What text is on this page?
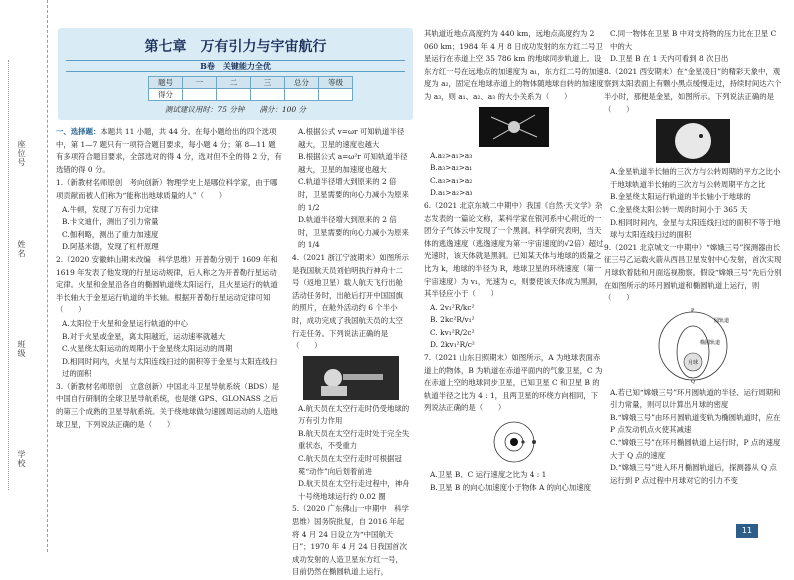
学校
班级
姓名
座位号
第七章　万有引力与宇宙航行
B卷　关键能力全优
题号	一	二	三	总分	等级
得分					
测试建议用时：75 分钟　　满分：100 分

一、选择题：本题共 11 小题，共 44 分。在每小题给出的四个选项中，第 1—7 题只有一项符合题目要求，每小题 4 分；第 8—11 题有多项符合题目要求，全部选对的得 4 分，选对但不全的得 2 分，有选错的得 0 分。

1.（新教材名师原创　考向创新）物理学史上是哪位科学家，由于哪项贡献而被人们称为“能称出地球质量的人”（　　）

A.牛顿，发现了万有引力定律
B.卡文迪什，测出了引力常量
C.伽利略，测出了重力加速度
D.阿基米德，发现了杠杆原理

2.（2020 安徽蚌山期末改编　科学思维）开普勒分别于 1609 年和 1619 年发表了他发现的行星运动规律，后人称之为开普勒行星运动定律。火星和金星沿各自的椭圆轨道绕太阳运行，且火星运行的轨道半长轴大于金星运行轨道的半长轴。根据开普勒行星运动定律可知（　　）

A.太阳位于火星和金星运行轨道的中心
B.对于火星或金星，离太阳越近，运动速率就越大
C.火星绕太阳运动的周期小于金星绕太阳运动的周期
D.相同时间内，火星与太阳连线扫过的面积等于金星与太阳连线扫过的面积

3.（新教材名师原创　立意创新）中国北斗卫星导航系统（BDS）是中国自行研制的全球卫星导航系统，也是继 GPS、GLONASS 之后的第三个成熟的卫星导航系统。关于绕地球做匀速圆周运动的人造地球卫星，下列说法正确的是（　　）

A.根据公式 v=ωr 可知轨道半径越大，卫星的速度也越大
B.根据公式 a=ω²r 可知轨道半径越大，卫星的加速度也越大
C.轨道半径增大到原来的 2 倍时，卫星需要的向心力减小为原来的 1/2
D.轨道半径增大到原来的 2 倍时，卫星需要的向心力减小为原来的 1/4

4.（2021 浙江宁波期末）如图所示是我国航天员刘伯明执行神舟十二号（返地卫星）载人航天飞行出舱活动任务时，出舱后打开中国国旗的照片，在舱外活动约 6 个半小时，成功完成了我国航天员的太空行走任务。下列说法正确的是（　　）

A.航天员在太空行走时仍受地球的万有引力作用
B.航天员在太空行走时处于完全失重状态，不受重力
C.航天员在太空行走时可根据冠冕“动作”向后划着前进
D.航天员在太空行走过程中，神舟十号绕地球运行约 0.02 圈

5.（2020 广东佛山一中期中　科学思维）国务院批复，自 2016 年起将 4 月 24 日设立为“中国航天日”；1970 年 4 月 24 日我国首次成功发射的人造卫星东方红一号，目前仍然在椭圆轨道上运行，

其轨道近地点高度约为 440 km，远地点高度约为 2 060 km；1984 年 4 月 8 日成功发射的东方红二号卫星运行在赤道上空 35 786 km 的地球同步轨道上。设东方红一号在远地点的加速度为 a₁，东方红二号的加速度为 a₂，固定在地球赤道上的物体随地球自转的加速度为 a₃，则 a₁、a₂、a₃ 的大小关系为（　　）

A.a₂>a₁>a₃
B.a₃>a₂>a₁
C.a₃>a₁>a₂
D.a₁>a₂>a₃

6.（2021 北京东城二中期中）我国《自然·天文学》杂志发表的一篇论文称，某科学家在银河系中心附近的一团分子气体云中发现了一个黑洞。科学研究表明，当天体的逃逸速度（逃逸速度为第一宇宙速度的√2倍）超过光速时，该天体就是黑洞。已知某天体与地球的质量之比为 k，地球的半径为 R，地球卫星的环绕速度（第一宇宙速度）为 v₁，光速为 c，则要使该天体成为黑洞，其半径应小于（　　）

A. 2v₁²R/kc²
B. 2kc²R/v₁²
C. kv₁²R/2c²
D. 2kv₁²R/c²

7.（2021 山东日照期末）如图所示，A 为地球表面赤道上的物体，B 为轨道在赤道平面内的气象卫星，C 为在赤道上空的地球同步卫星，已知卫星 C 和卫星 B 的轨道半径之比为 4 : 1，且两卫星的环绕方向相同，下列说法正确的是（　　）

A.卫星 B、C 运行速度之比为 4 : 1
B.卫星 B 的向心加速度小于物体 A 的向心加速度
C.同一物体在卫星 B 中对支持物的压力比在卫星 C 中的大
D.卫星 B 在 1 天内可看到 8 次日出

8.（2021 西安期末）在“金星凌日”的精彩天象中，观察到太阳表面上有颗小黑点缓慢走过，持续时间达六个半小时，那便是金星，如图所示。下列说法正确的是（　　）

A.金星轨道半长轴的三次方与公转周期的平方之比小于地球轨道半长轴的三次方与公转周期平方之比
B.金星绕太阳运行轨道的半长轴小于地球的
C.金星绕太阳公转一周的时间小于 365 天
D.相同时间内，金星与太阳连线扫过的面积不等于地球与太阳连线扫过的面积

9.（2021 北京城文一中期中）“嫦娥三号”探测器由长征三号乙运载火箭从西昌卫星发射中心发射，首次实现月球软着陆和月面巡视勘察。假设“嫦娥三号”先后分别在如图所示的环月圆轨道和椭圆轨道上运行，则（　　）

月球
圆轨道
椭圆轨道
P
Q
A.若已知“嫦娥三号”环月圆轨道的半径、运行周期和引力常量，则可以计算出月球的密度
B.“嫦娥三号”由环月圆轨道变轨为椭圆轨道时，应在 P 点发动机点火使其减速
C.“嫦娥三号”在环月椭圆轨道上运行时，P 点的速度大于 Q 点的速度
D.“嫦娥三号”进入环月椭圆轨道后，探测器从 Q 点运行到 P 点过程中月球对它的引力不变
11
